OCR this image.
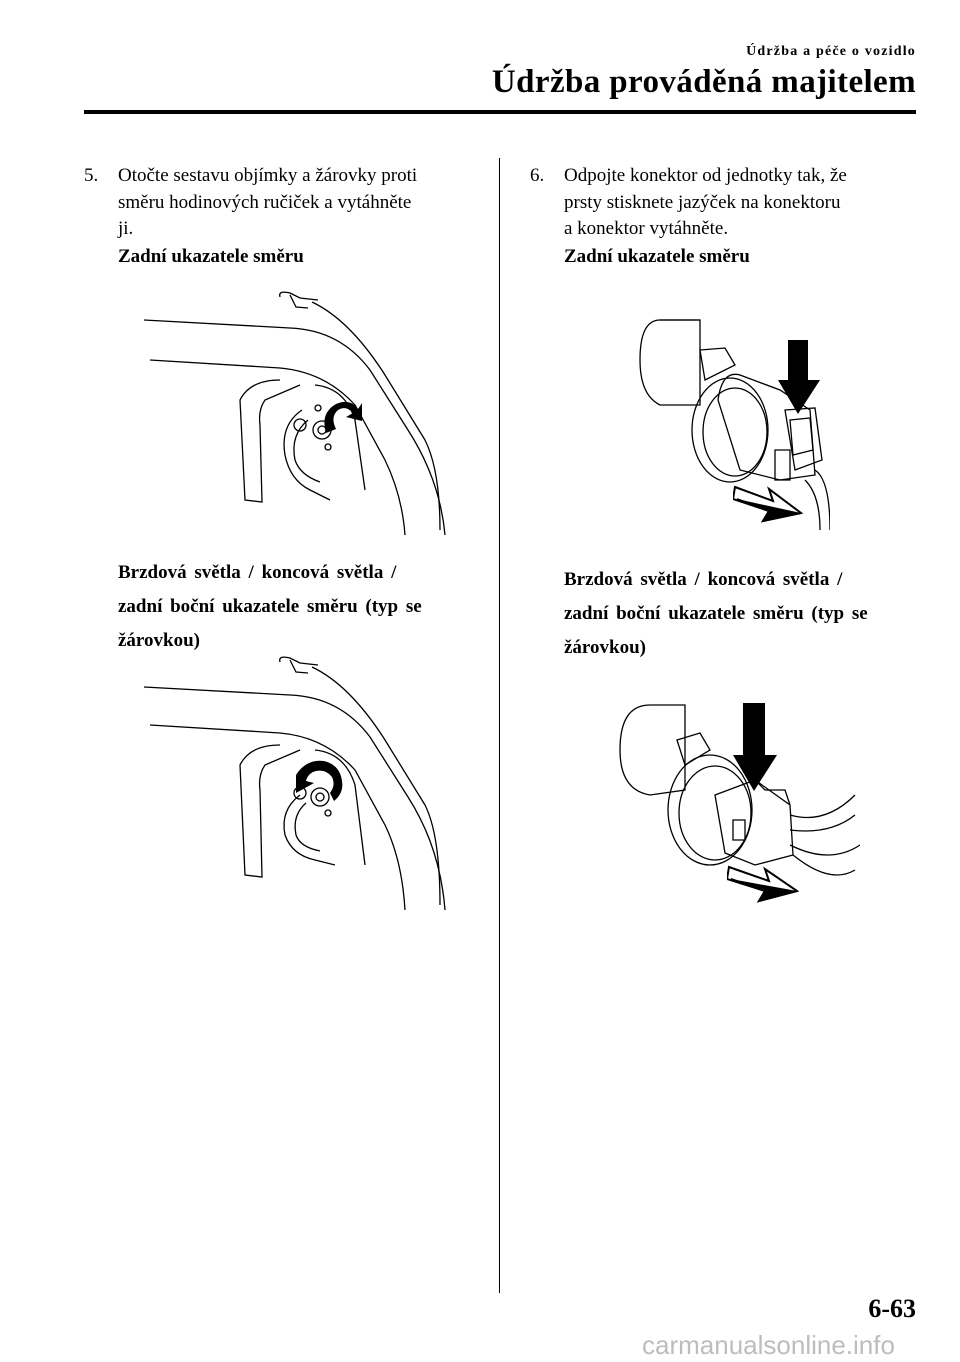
Údržba a péče o vozidlo
Údržba prováděná majitelem
5. Otočte sestavu objímky a žárovky proti
směru hodinových ručiček a vytáhněte
ji.
Zadní ukazatele směru
Brzdová světla / koncová světla /
zadní boční ukazatele směru (typ se
žárovkou)
6. Odpojte konektor od jednotky tak, že
prsty stisknete jazýček na konektoru
a konektor vytáhněte.
Zadní ukazatele směru
Brzdová světla / koncová světla /
zadní boční ukazatele směru (typ se
žárovkou)
6-63
carmanualsonline.info
